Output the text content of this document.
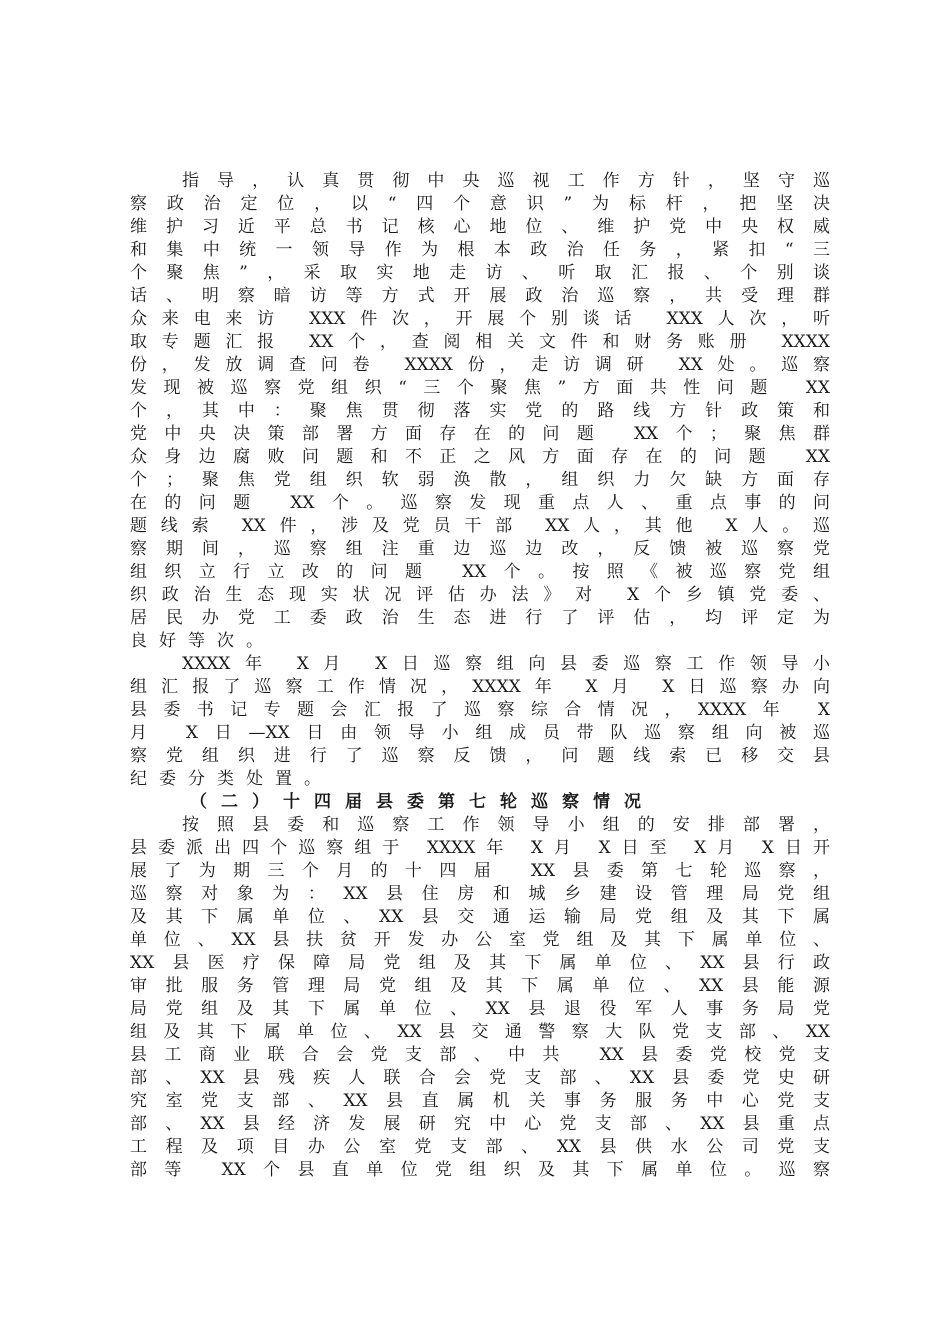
指导，认真贯彻中央巡视工作方针，坚守巡
察政治定位，以“四个意识”为标杆，把坚决
维护习近平总书记核心地位、维护党中央权威
和集中统一领导作为根本政治任务，紧扣“三
个聚焦”，采取实地走访、听取汇报、个别谈
话、明察暗访等方式开展政治巡察，共受理群
众来电来访 XXX件次，开展个别谈话 XXX人次，听
取专题汇报 XX个，查阅相关文件和财务账册 XXXX
份，发放调查问卷 XXXX份，走访调研 XX处。巡察
发现被巡察党组织“三个聚焦”方面共性问题 XX
个，其中：聚焦贯彻落实党的路线方针政策和
党中央决策部署方面存在的问题 XX个；聚焦群
众身边腐败问题和不正之风方面存在的问题 XX
个；聚焦党组织软弱涣散，组织力欠缺方面存
在的问题 XX个。巡察发现重点人、重点事的问
题线索 XX件，涉及党员干部 XX人，其他 X人。巡
察期间，巡察组注重边巡边改，反馈被巡察党
组织立行立改的问题 XX个。按照《被巡察党组
织政治生态现实状况评估办法》对 X个乡镇党委、
居民办党工委政治生态进行了评估，均评定为
良好等次。
XXXX年 X月 X日巡察组向县委巡察工作领导小
组汇报了巡察工作情况，XXXX年 X月 X日巡察办向
县委书记专题会汇报了巡察综合情况，XXXX年 X
月 X日—XX日由领导小组成员带队巡察组向被巡
察党组织进行了巡察反馈，问题线索已移交县
纪委分类处置。
（二）十四届县委第七轮巡察情况
按照县委和巡察工作领导小组的安排部署，
县委派出四个巡察组于 XXXX年 X月 X日至 X月 X日开
展了为期三个月的十四届 XX县委第七轮巡察，
巡察对象为：XX县住房和城乡建设管理局党组
及其下属单位、XX县交通运输局党组及其下属
单位、XX县扶贫开发办公室党组及其下属单位、
XX县医疗保障局党组及其下属单位、XX县行政
审批服务管理局党组及其下属单位、XX县能源
局党组及其下属单位、XX县退役军人事务局党
组及其下属单位、XX县交通警察大队党支部、XX
县工商业联合会党支部、中共 XX县委党校党支
部、XX县残疾人联合会党支部、XX县委党史研
究室党支部、XX县直属机关事务服务中心党支
部、XX县经济发展研究中心党支部、XX县重点
工程及项目办公室党支部、XX县供水公司党支
部等 XX个县直单位党组织及其下属单位。巡察
